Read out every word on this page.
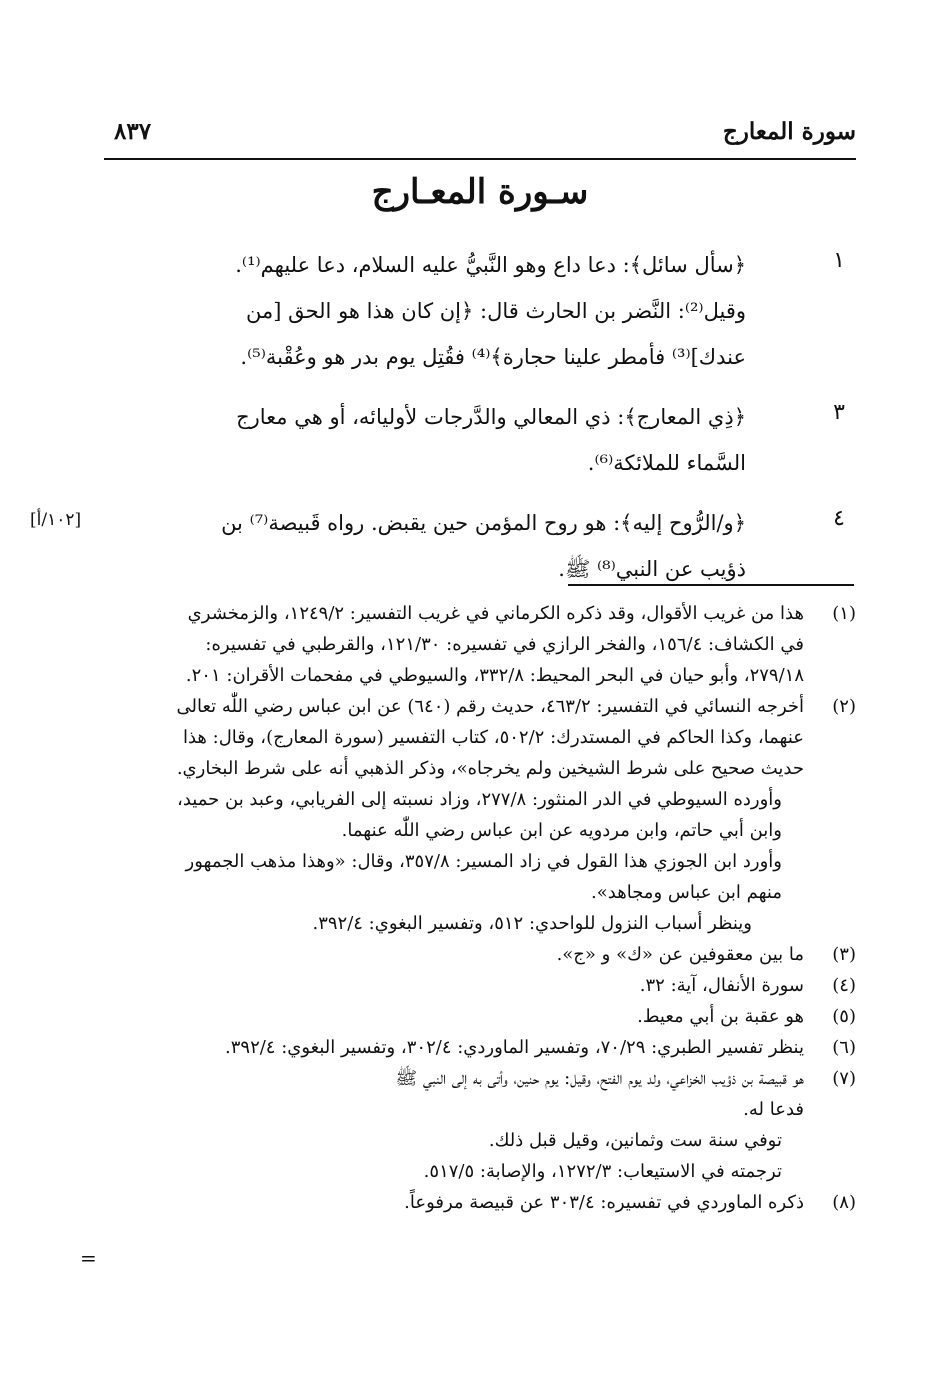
سورة المعارج
٨٣٧
سـورة المعـارج
١
﴿سأل سائل﴾: دعا داع وهو النَّبيُّ عليه السلام، دعا عليهم⁽¹⁾.
وقيل⁽²⁾: النَّضر بن الحارث قال: ﴿إن كان هذا هو الحق [من
عندك]⁽³⁾ فأمطر علينا حجارة﴾⁽⁴⁾ فقُتِل يوم بدر هو وعُقْبة⁽⁵⁾.
٣
﴿ذِي المعارج﴾: ذي المعالي والدَّرجات لأوليائه، أو هي معارج
السَّماء للملائكة⁽⁶⁾.
٤
[١٠٢/أ]	﴿و/الرُّوح إليه﴾: هو روح المؤمن حين يقبض. رواه قَبيصة⁽⁷⁾ بن
ذؤيب عن النبي⁽⁸⁾ ﷺ.
(١)
هذا من غريب الأقوال، وقد ذكره الكرماني في غريب التفسير: ١٢٤٩/٢، والزمخشري
في الكشاف: ١٥٦/٤، والفخر الرازي في تفسيره: ١٢١/٣٠، والقرطبي في تفسيره:
٢٧٩/١٨، وأبو حيان في البحر المحيط: ٣٣٢/٨، والسيوطي في مفحمات الأقران: ٢٠١.
(٢)
أخرجه النسائي في التفسير: ٤٦٣/٢، حديث رقم (٦٤٠) عن ابن عباس رضي اللّٰه تعالى
عنهما، وكذا الحاكم في المستدرك: ٥٠٢/٢، كتاب التفسير (سورة المعارج)، وقال: هذا
حديث صحيح على شرط الشيخين ولم يخرجاه»، وذكر الذهبي أنه على شرط البخاري.
وأورده السيوطي في الدر المنثور: ٢٧٧/٨، وزاد نسبته إلى الفريابي، وعبد بن حميد،
وابن أبي حاتم، وابن مردويه عن ابن عباس رضي اللّٰه عنهما.
وأورد ابن الجوزي هذا القول في زاد المسير: ٣٥٧/٨، وقال: «وهذا مذهب الجمهور
منهم ابن عباس ومجاهد».
وينظر أسباب النزول للواحدي: ٥١٢، وتفسير البغوي: ٣٩٢/٤.
(٣)
ما بين معقوفين عن «ك» و «ج».
(٤)
سورة الأنفال، آية: ٣٢.
(٥)
هو عقبة بن أبي معيط.
(٦)
ينظر تفسير الطبري: ٧٠/٢٩، وتفسير الماوردي: ٣٠٢/٤، وتفسير البغوي: ٣٩٢/٤.
(٧)
هو قبيصة بن ذؤيب الخزاعي، ولد يوم الفتح، وقيل: يوم حنين، وأتى به إلى النبي ﷺ
فدعا له.
توفي سنة ست وثمانين، وقيل قبل ذلك.
ترجمته في الاستيعاب: ١٢٧٢/٣، والإصابة: ٥١٧/٥.
(٨)
ذكره الماوردي في تفسيره: ٣٠٣/٤ عن قبيصة مرفوعاً.
=
